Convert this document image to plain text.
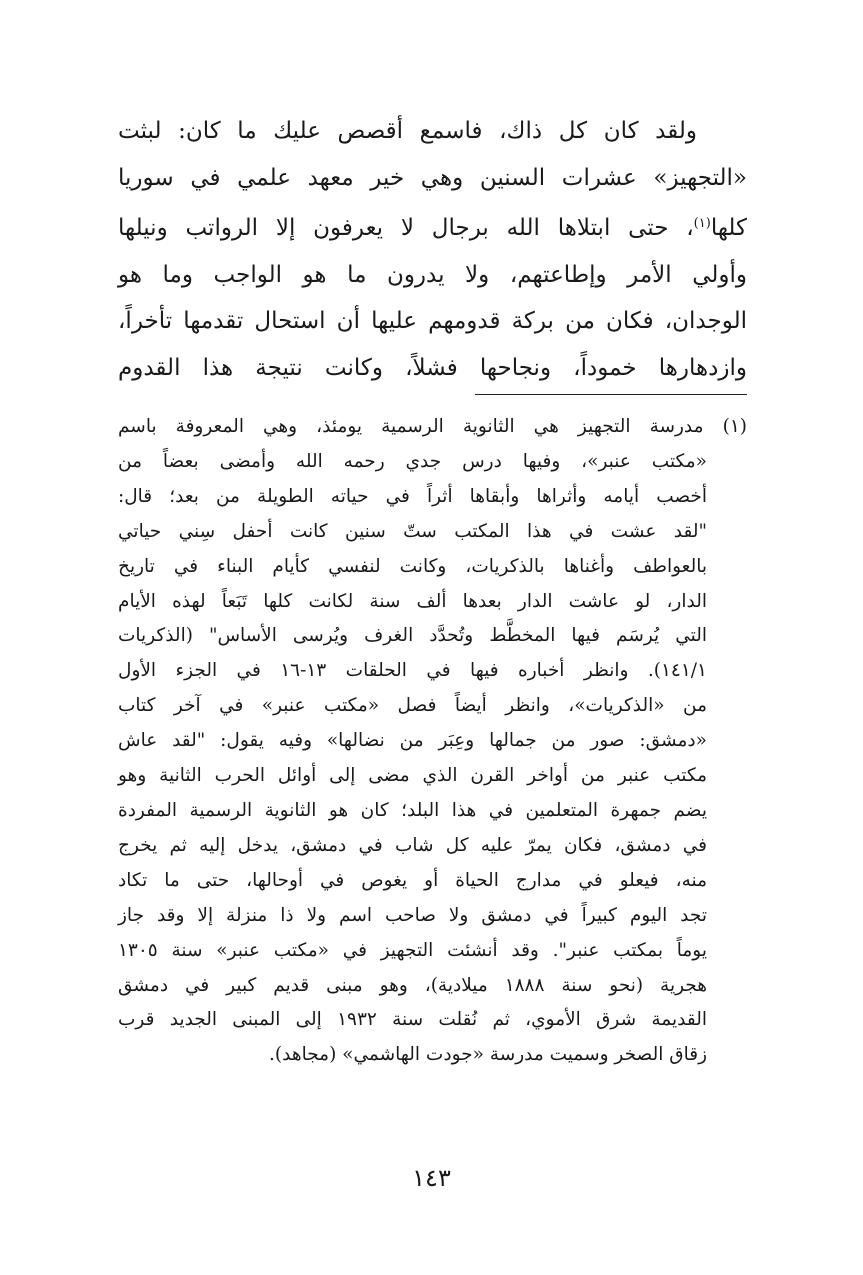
ولقد كان كل ذاك، فاسمع أقصص عليك ما كان: لبثت
«التجهيز» عشرات السنين وهي خير معهد علمي في سوريا
كلها$^{(١)}$، حتى ابتلاها الله برجال لا يعرفون إلا الرواتب ونيلها
وأولي الأمر وإطاعتهم، ولا يدرون ما هو الواجب وما هو
الوجدان، فكان من بركة قدومهم عليها أن استحال تقدمها تأخراً،
وازدهارها خموداً، ونجاحها فشلاً، وكانت نتيجة هذا القدوم
(١) مدرسة التجهيز هي الثانوية الرسمية يومئذ، وهي المعروفة باسم
«مكتب عنبر»، وفيها درس جدي رحمه الله وأمضى بعضاً من
أخصب أيامه وأثراها وأبقاها أثراً في حياته الطويلة من بعد؛ قال:
"لقد عشت في هذا المكتب ستّ سنين كانت أحفل سِني حياتي
بالعواطف وأغناها بالذكريات، وكانت لنفسي كأيام البناء في تاريخ
الدار، لو عاشت الدار بعدها ألف سنة لكانت كلها تَبَعاً لهذه الأيام
التي يُرسَم فيها المخطَّط وتُحدَّد الغرف ويُرسى الأساس" (الذكريات
١٤١/١). وانظر أخباره فيها في الحلقات ١٣-١٦ في الجزء الأول
من «الذكريات»، وانظر أيضاً فصل «مكتب عنبر» في آخر كتاب
«دمشق: صور من جمالها وعِبَر من نضالها» وفيه يقول: "لقد عاش
مكتب عنبر من أواخر القرن الذي مضى إلى أوائل الحرب الثانية وهو
يضم جمهرة المتعلمين في هذا البلد؛ كان هو الثانوية الرسمية المفردة
في دمشق، فكان يمرّ عليه كل شاب في دمشق، يدخل إليه ثم يخرج
منه، فيعلو في مدارج الحياة أو يغوص في أوحالها، حتى ما تكاد
تجد اليوم كبيراً في دمشق ولا صاحب اسم ولا ذا منزلة إلا وقد جاز
يوماً بمكتب عنبر". وقد أنشئت التجهيز في «مكتب عنبر» سنة ١٣٠٥
هجرية (نحو سنة ١٨٨٨ ميلادية)، وهو مبنى قديم كبير في دمشق
القديمة شرق الأموي، ثم نُقلت سنة ١٩٣٢ إلى المبنى الجديد قرب
زقاق الصخر وسميت مدرسة «جودت الهاشمي» (مجاهد).
١٤٣
